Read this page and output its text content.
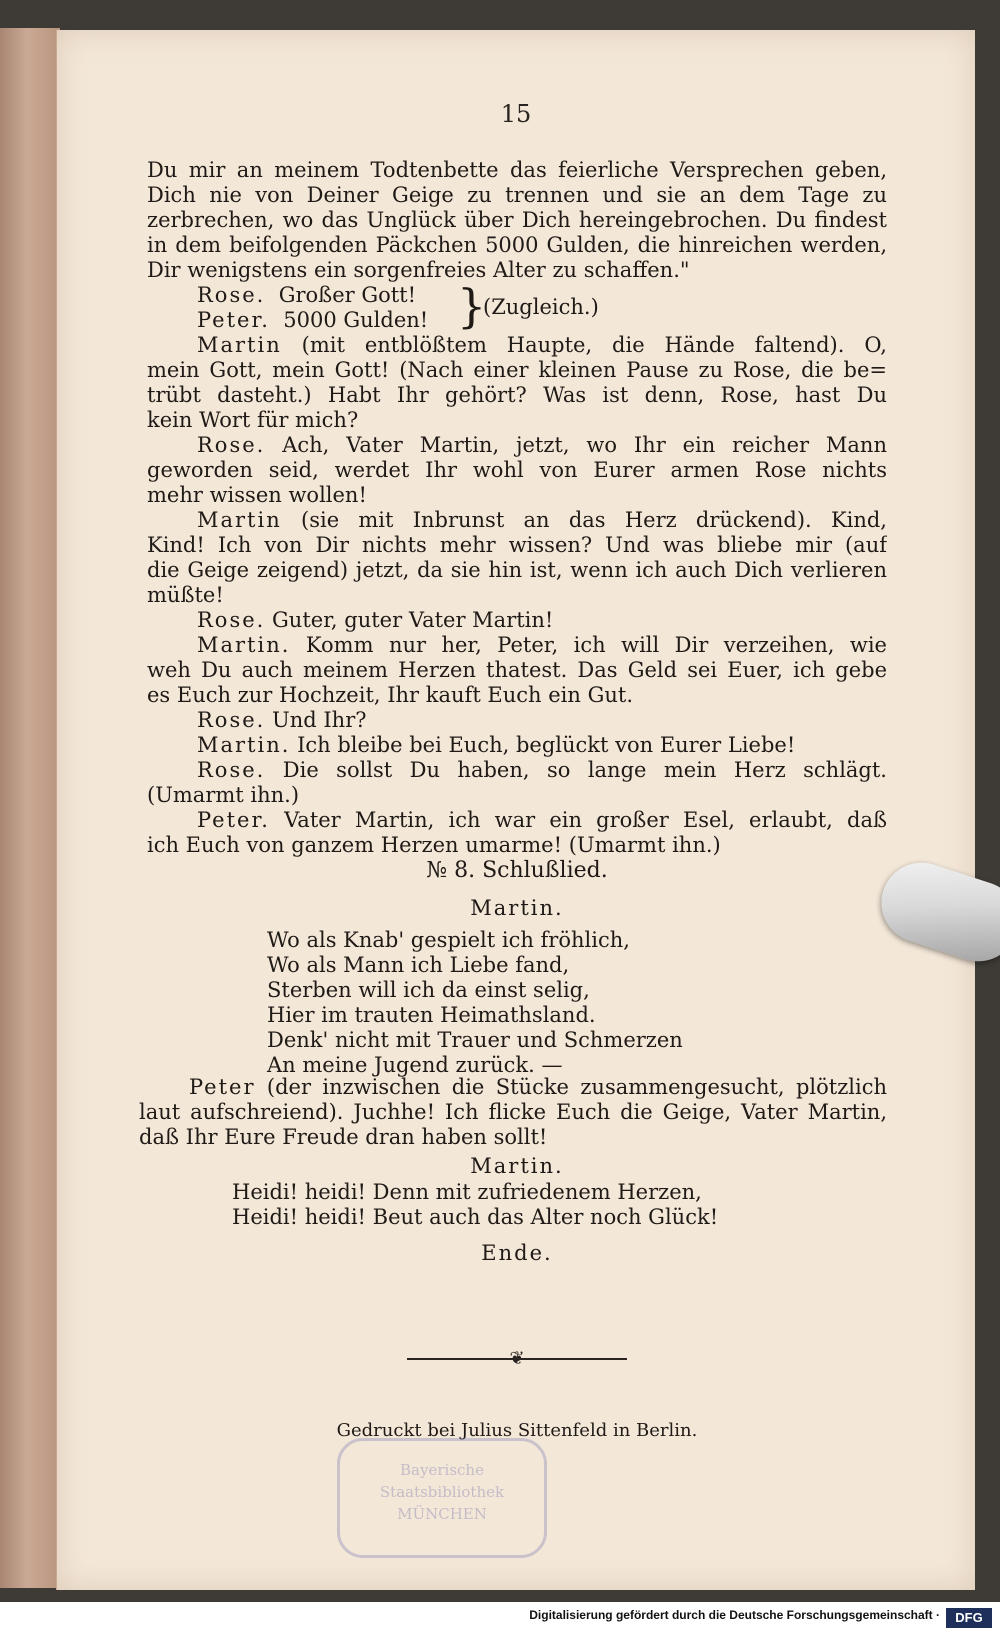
15
Du mir an meinem Todtenbette das feierliche Versprechen geben,
Dich nie von Deiner Geige zu trennen und sie an dem Tage zu
zerbrechen, wo das Unglück über Dich hereingebrochen. Du findest
in dem beifolgenden Päckchen 5000 Gulden, die hinreichen werden,
Dir wenigstens ein sorgenfreies Alter zu schaffen."
Rose. Großer Gott!
Peter. 5000 Gulden! }
(Zugleich.)
Martin (mit entblößtem Haupte, die Hände faltend). O,
mein Gott, mein Gott! (Nach einer kleinen Pause zu Rose, die be=
trübt dasteht.) Habt Ihr gehört? Was ist denn, Rose, hast Du
kein Wort für mich?
Rose. Ach, Vater Martin, jetzt, wo Ihr ein reicher Mann
geworden seid, werdet Ihr wohl von Eurer armen Rose nichts
mehr wissen wollen!
Martin (sie mit Inbrunst an das Herz drückend). Kind,
Kind! Ich von Dir nichts mehr wissen? Und was bliebe mir (auf
die Geige zeigend) jetzt, da sie hin ist, wenn ich auch Dich verlieren
müßte!
Rose. Guter, guter Vater Martin!
Martin. Komm nur her, Peter, ich will Dir verzeihen, wie
weh Du auch meinem Herzen thatest. Das Geld sei Euer, ich gebe
es Euch zur Hochzeit, Ihr kauft Euch ein Gut.
Rose. Und Ihr?
Martin. Ich bleibe bei Euch, beglückt von Eurer Liebe!
Rose. Die sollst Du haben, so lange mein Herz schlägt.
(Umarmt ihn.)
Peter. Vater Martin, ich war ein großer Esel, erlaubt, daß
ich Euch von ganzem Herzen umarme! (Umarmt ihn.)
№ 8. Schlußlied.
Martin.
Wo als Knab' gespielt ich fröhlich,
Wo als Mann ich Liebe fand,
Sterben will ich da einst selig,
Hier im trauten Heimathsland.
Denk' nicht mit Trauer und Schmerzen
An meine Jugend zurück. —
Peter (der inzwischen die Stücke zusammengesucht, plötzlich
laut aufschreiend). Juchhe! Ich flicke Euch die Geige, Vater Martin,
daß Ihr Eure Freude dran haben sollt!
Martin.
Heidi! heidi! Denn mit zufriedenem Herzen,
Heidi! heidi! Beut auch das Alter noch Glück!
Ende.
❦
Gedruckt bei Julius Sittenfeld in Berlin.
Bayerische
Staatsbibliothek
MÜNCHEN
Digitalisierung gefördert durch die Deutsche Forschungsgemeinschaft ·	DFG
